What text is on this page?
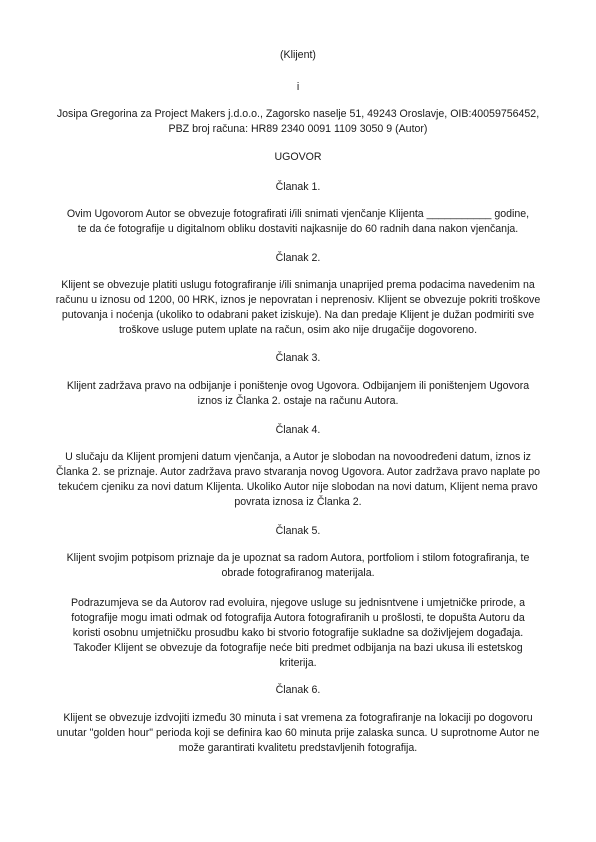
(Klijent)
i
Josipa Gregorina za Project Makers j.d.o.o., Zagorsko naselje 51, 49243 Oroslavje, OIB:40059756452,
PBZ broj računa: HR89 2340 0091 1109 3050 9 (Autor)
UGOVOR
Članak 1.
Ovim Ugovorom Autor se obvezuje fotografirati i/ili snimati vjenčanje Klijenta ___________ godine,
te da će fotografije u digitalnom obliku dostaviti najkasnije do 60 radnih dana nakon vjenčanja.
Članak 2.
Klijent se obvezuje platiti uslugu fotografiranje i/ili snimanja unaprijed prema podacima navedenim na
računu u iznosu od 1200, 00 HRK, iznos je nepovratan i neprenosiv. Klijent se obvezuje pokriti troškove
putovanja i noćenja (ukoliko to odabrani paket iziskuje). Na dan predaje Klijent je dužan podmiriti sve
troškove usluge putem uplate na račun, osim ako nije drugačije dogovoreno.
Članak 3.
Klijent zadržava pravo na odbijanje i poništenje ovog Ugovora. Odbijanjem ili poništenjem Ugovora
iznos iz Članka 2. ostaje na računu Autora.
Članak 4.
U slučaju da Klijent promjeni datum vjenčanja, a Autor je slobodan na novoodređeni datum, iznos iz
Članka 2. se priznaje. Autor zadržava pravo stvaranja novog Ugovora. Autor zadržava pravo naplate po
tekućem cjeniku za novi datum Klijenta. Ukoliko Autor nije slobodan na novi datum, Klijent nema pravo
povrata iznosa iz Članka 2.
Članak 5.
Klijent svojim potpisom priznaje da je upoznat sa radom Autora, portfoliom i stilom fotografiranja, te
obrade fotografiranog materijala.
Podrazumjeva se da Autorov rad evoluira, njegove usluge su jednisntvene i umjetničke prirode, a
fotografije mogu imati odmak od fotografija Autora fotografiranih u prošlosti, te dopušta Autoru da
koristi osobnu umjetničku prosudbu kako bi stvorio fotografije sukladne sa doživljejem događaja.
Također Klijent se obvezuje da fotografije neće biti predmet odbijanja na bazi ukusa ili estetskog
kriterija.
Članak 6.
Klijent se obvezuje izdvojiti između 30 minuta i sat vremena za fotografiranje na lokaciji po dogovoru
unutar "golden hour" perioda koji se definira kao 60 minuta prije zalaska sunca. U suprotnome Autor ne
može garantirati kvalitetu predstavljenih fotografija.
